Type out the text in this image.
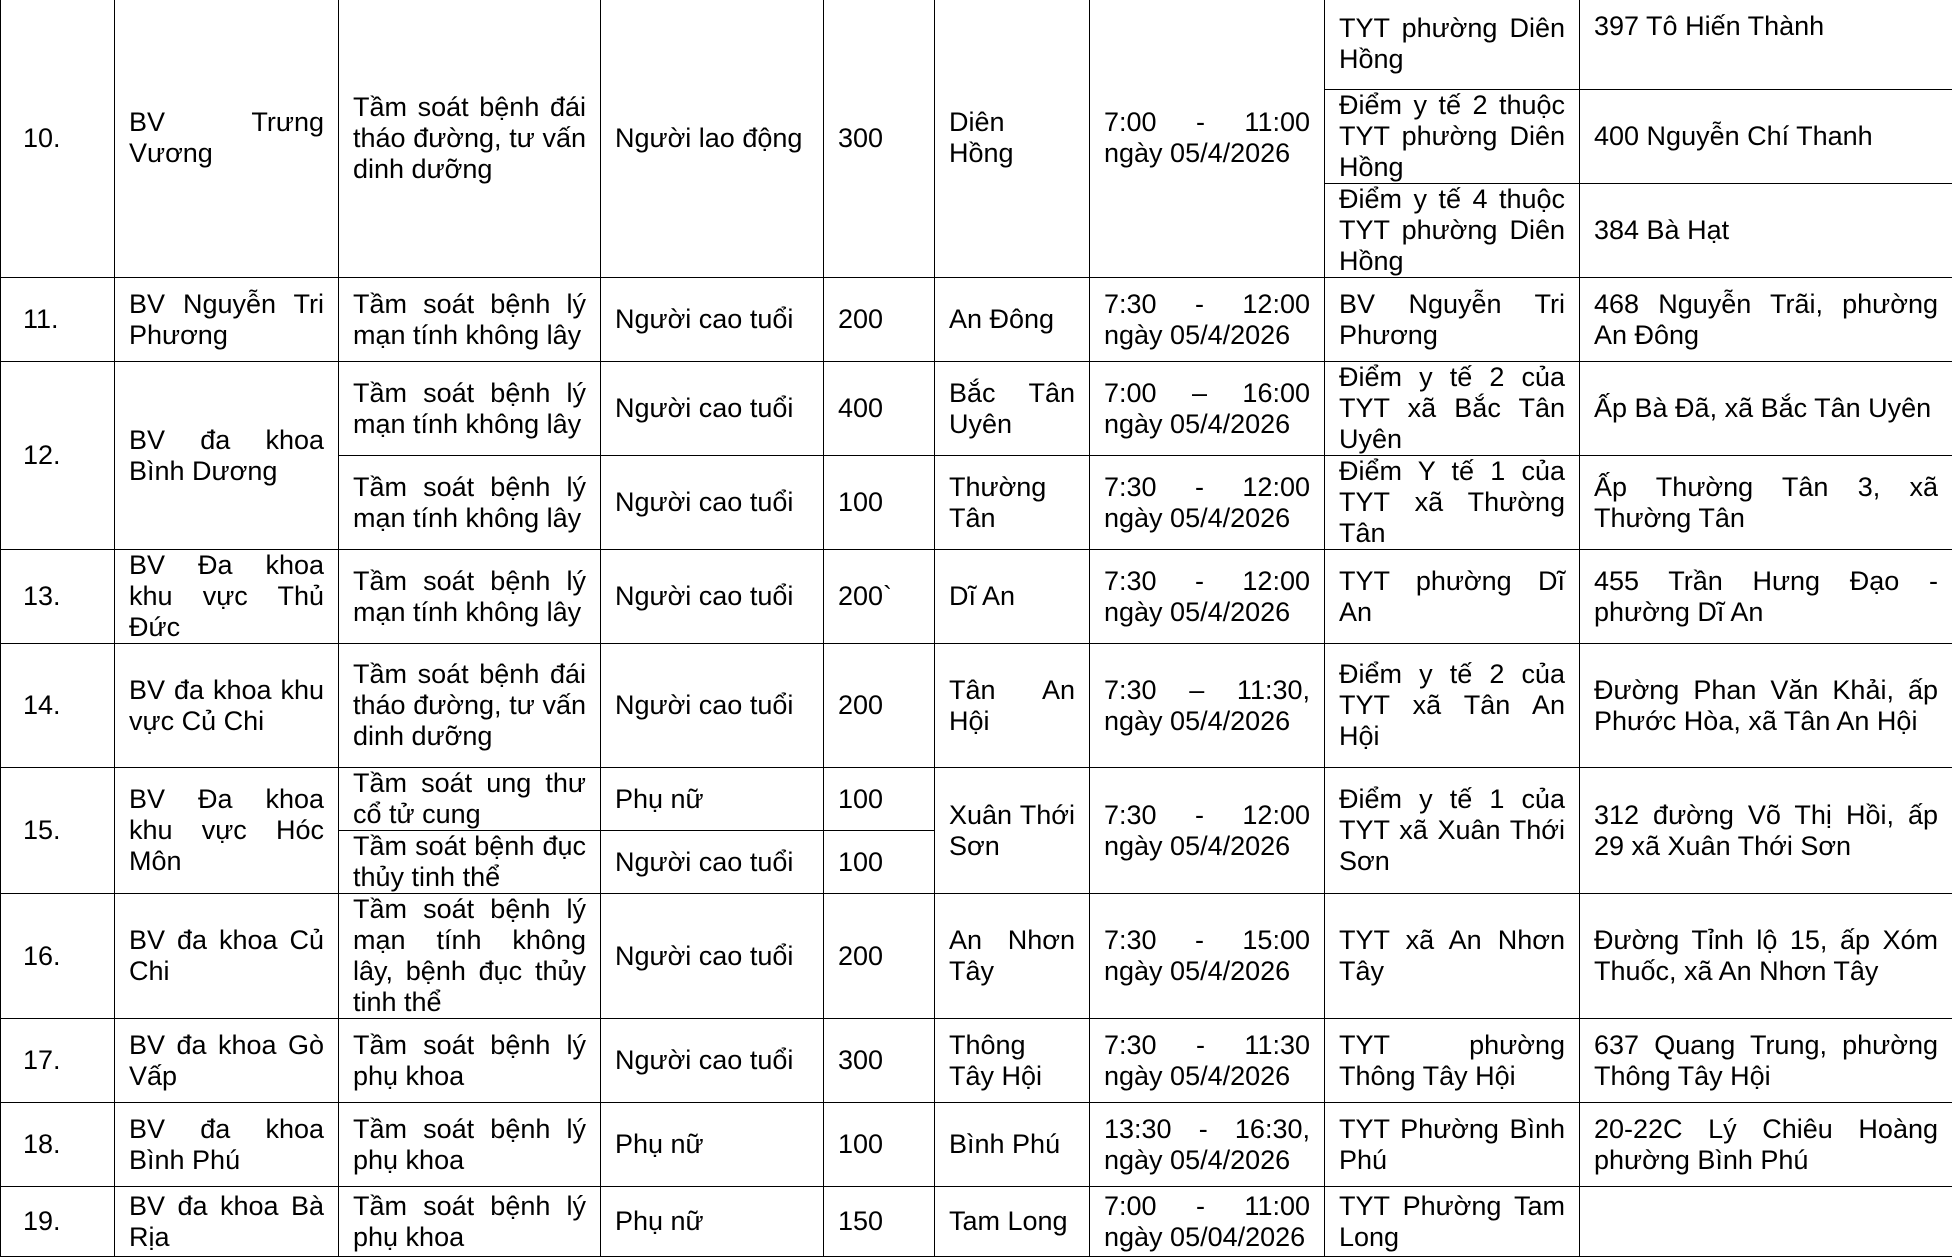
10.	BV Trưng Vương	Tầm soát bệnh đái tháo đường, tư vấn dinh dưỡng	Người lao động	300	Diên Hồng	7:00 - 11:00 ngày 05/4/2026	TYT phường Diên Hồng	397 Tô Hiến Thành
							Điểm y tế 2 thuộc TYT phường Diên Hồng	400 Nguyễn Chí Thanh
							Điểm y tế 4 thuộc TYT phường Diên Hồng	384 Bà Hạt
11.	BV Nguyễn Tri Phương	Tầm soát bệnh lý mạn tính không lây	Người cao tuổi	200	An Đông	7:30 - 12:00 ngày 05/4/2026	BV Nguyễn Tri Phương	468 Nguyễn Trãi, phường An Đông
12.	BV đa khoa Bình Dương	Tầm soát bệnh lý mạn tính không lây	Người cao tuổi	400	Bắc Tân Uyên	7:00 – 16:00 ngày 05/4/2026	Điểm y tế 2 của TYT xã Bắc Tân Uyên	Ấp Bà Đã, xã Bắc Tân Uyên
		Tầm soát bệnh lý mạn tính không lây	Người cao tuổi	100	Thường Tân	7:30 - 12:00 ngày 05/4/2026	Điểm Y tế 1 của TYT xã Thường Tân	Ấp Thường Tân 3, xã Thường Tân
13.	BV Đa khoa khu vực Thủ Đức	Tầm soát bệnh lý mạn tính không lây	Người cao tuổi	200`	Dĩ An	7:30 - 12:00 ngày 05/4/2026	TYT phường Dĩ An	455 Trần Hưng Đạo - phường Dĩ An
14.	BV đa khoa khu vực Củ Chi	Tầm soát bệnh đái tháo đường, tư vấn dinh dưỡng	Người cao tuổi	200	Tân An Hội	7:30 – 11:30, ngày 05/4/2026	Điểm y tế 2 của TYT xã Tân An Hội	Đường Phan Văn Khải, ấp Phước Hòa, xã Tân An Hội
15.	BV Đa khoa khu vực Hóc Môn	Tầm soát ung thư cổ tử cung	Phụ nữ	100	Xuân Thới Sơn	7:30 - 12:00 ngày 05/4/2026	Điểm y tế 1 của TYT xã Xuân Thới Sơn	312 đường Võ Thị Hồi, ấp 29 xã Xuân Thới Sơn
		Tầm soát bệnh đục thủy tinh thể	Người cao tuổi	100				
16.	BV đa khoa Củ Chi	Tầm soát bệnh lý mạn tính không lây, bệnh đục thủy tinh thể	Người cao tuổi	200	An Nhơn Tây	7:30 - 15:00 ngày 05/4/2026	TYT xã An Nhơn Tây	Đường Tỉnh lộ 15, ấp Xóm Thuốc, xã An Nhơn Tây
17.	BV đa khoa Gò Vấp	Tầm soát bệnh lý phụ khoa	Người cao tuổi	300	Thông Tây Hội	7:30 - 11:30 ngày 05/4/2026	TYT phường Thông Tây Hội	637 Quang Trung, phường Thông Tây Hội
18.	BV đa khoa Bình Phú	Tầm soát bệnh lý phụ khoa	Phụ nữ	100	Bình Phú	13:30 - 16:30, ngày 05/4/2026	TYT Phường Bình Phú	20-22C Lý Chiêu Hoàng phường Bình Phú
19.	BV đa khoa Bà Rịa	Tầm soát bệnh lý phụ khoa	Phụ nữ	150	Tam Long	7:00 - 11:00 ngày 05/04/2026	TYT Phường Tam Long	
